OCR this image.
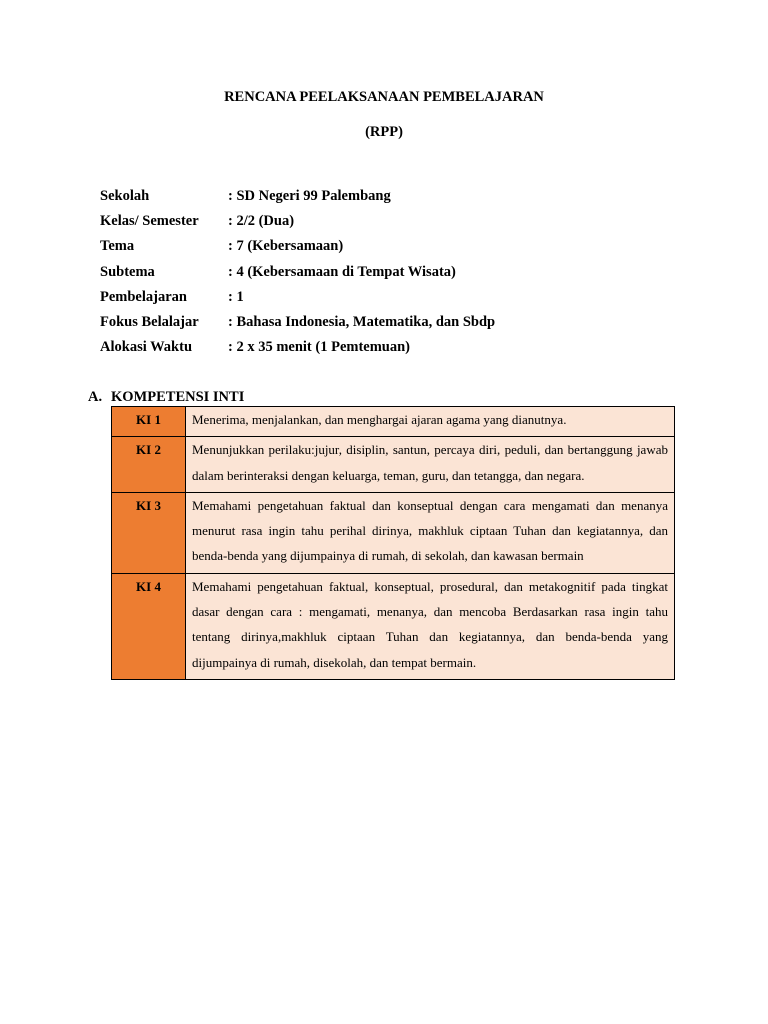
RENCANA PEELAKSANAAN PEMBELAJARAN
(RPP)
Sekolah	: SD Negeri 99 Palembang
Kelas/ Semester	: 2/2 (Dua)
Tema	: 7 (Kebersamaan)
Subtema	: 4 (Kebersamaan di Tempat Wisata)
Pembelajaran	: 1
Fokus Belalajar	: Bahasa Indonesia, Matematika, dan Sbdp
Alokasi Waktu	: 2 x 35 menit (1 Pemtemuan)
A. KOMPETENSI INTI
KI 1	Menerima, menjalankan, dan menghargai ajaran agama yang dianutnya.

KI 2	Menunjukkan perilaku:jujur, disiplin, santun, percaya diri, peduli, dan bertanggung jawab dalam berinteraksi dengan keluarga, teman, guru, dan tetangga, dan negara.

KI 3	Memahami pengetahuan faktual dan konseptual dengan cara mengamati dan menanya menurut rasa ingin tahu perihal dirinya, makhluk ciptaan Tuhan dan kegiatannya, dan benda-benda yang dijumpainya di rumah, di sekolah, dan kawasan bermain

KI 4	Memahami pengetahuan faktual, konseptual, prosedural, dan metakognitif pada tingkat dasar dengan cara : mengamati, menanya, dan mencoba Berdasarkan rasa ingin tahu tentang dirinya,makhluk ciptaan Tuhan dan kegiatannya, dan benda-benda yang dijumpainya di rumah, disekolah, dan tempat bermain.
